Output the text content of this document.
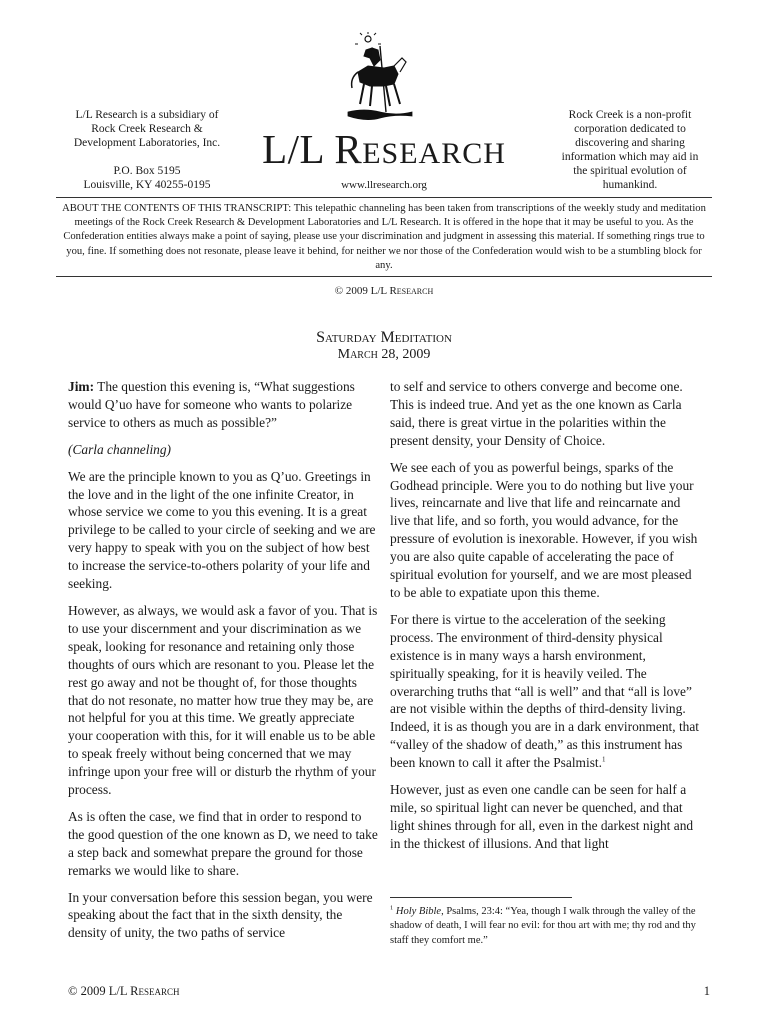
L/L Research is a subsidiary of
Rock Creek Research &
Development Laboratories, Inc.
P.O. Box 5195
Louisville, KY 40255-0195
L/L RESEARCH
www.llresearch.org
Rock Creek is a non-profit
corporation dedicated to
discovering and sharing
information which may aid in
the spiritual evolution of
humankind.
ABOUT THE CONTENTS OF THIS TRANSCRIPT: This telepathic channeling has been taken from transcriptions of the weekly study and meditation meetings of the Rock Creek Research & Development Laboratories and L/L Research. It is offered in the hope that it may be useful to you. As the Confederation entities always make a point of saying, please use your discrimination and judgment in assessing this material. If something rings true to you, fine. If something does not resonate, please leave it behind, for neither we nor those of the Confederation would wish to be a stumbling block for any.
© 2009 L/L Research
Saturday Meditation
March 28, 2009

Jim: The question this evening is, “What suggestions would Q’uo have for someone who wants to polarize service to others as much as possible?”

(Carla channeling)

We are the principle known to you as Q’uo. Greetings in the love and in the light of the one infinite Creator, in whose service we come to you this evening. It is a great privilege to be called to your circle of seeking and we are very happy to speak with you on the subject of how best to increase the service-to-others polarity of your life and seeking.

However, as always, we would ask a favor of you. That is to use your discernment and your discrimination as we speak, looking for resonance and retaining only those thoughts of ours which are resonant to you. Please let the rest go away and not be thought of, for those thoughts that do not resonate, no matter how true they may be, are not helpful for you at this time. We greatly appreciate your cooperation with this, for it will enable us to be able to speak freely without being concerned that we may infringe upon your free will or disturb the rhythm of your process.

As is often the case, we find that in order to respond to the good question of the one known as D, we need to take a step back and somewhat prepare the ground for those remarks we would like to share.

In your conversation before this session began, you were speaking about the fact that in the sixth density, the density of unity, the two paths of service

to self and service to others converge and become one. This is indeed true. And yet as the one known as Carla said, there is great virtue in the polarities within the present density, your Density of Choice.

We see each of you as powerful beings, sparks of the Godhead principle. Were you to do nothing but live your lives, reincarnate and live that life and reincarnate and live that life, and so forth, you would advance, for the pressure of evolution is inexorable. However, if you wish you are also quite capable of accelerating the pace of spiritual evolution for yourself, and we are most pleased to be able to expatiate upon this theme.

For there is virtue to the acceleration of the seeking process. The environment of third-density physical existence is in many ways a harsh environment, spiritually speaking, for it is heavily veiled. The overarching truths that “all is well” and that “all is love” are not visible within the depths of third-density living. Indeed, it is as though you are in a dark environment, that “valley of the shadow of death,” as this instrument has been known to call it after the Psalmist.$^1$

However, just as even one candle can be seen for half a mile, so spiritual light can never be quenched, and that light shines through for all, even in the darkest night and in the thickest of illusions. And that light

$^1$ Holy Bible, Psalms, 23:4: “Yea, though I walk through the valley of the shadow of death, I will fear no evil: for thou art with me; thy rod and thy staff they comfort me.”
© 2009 L/L Research	1
